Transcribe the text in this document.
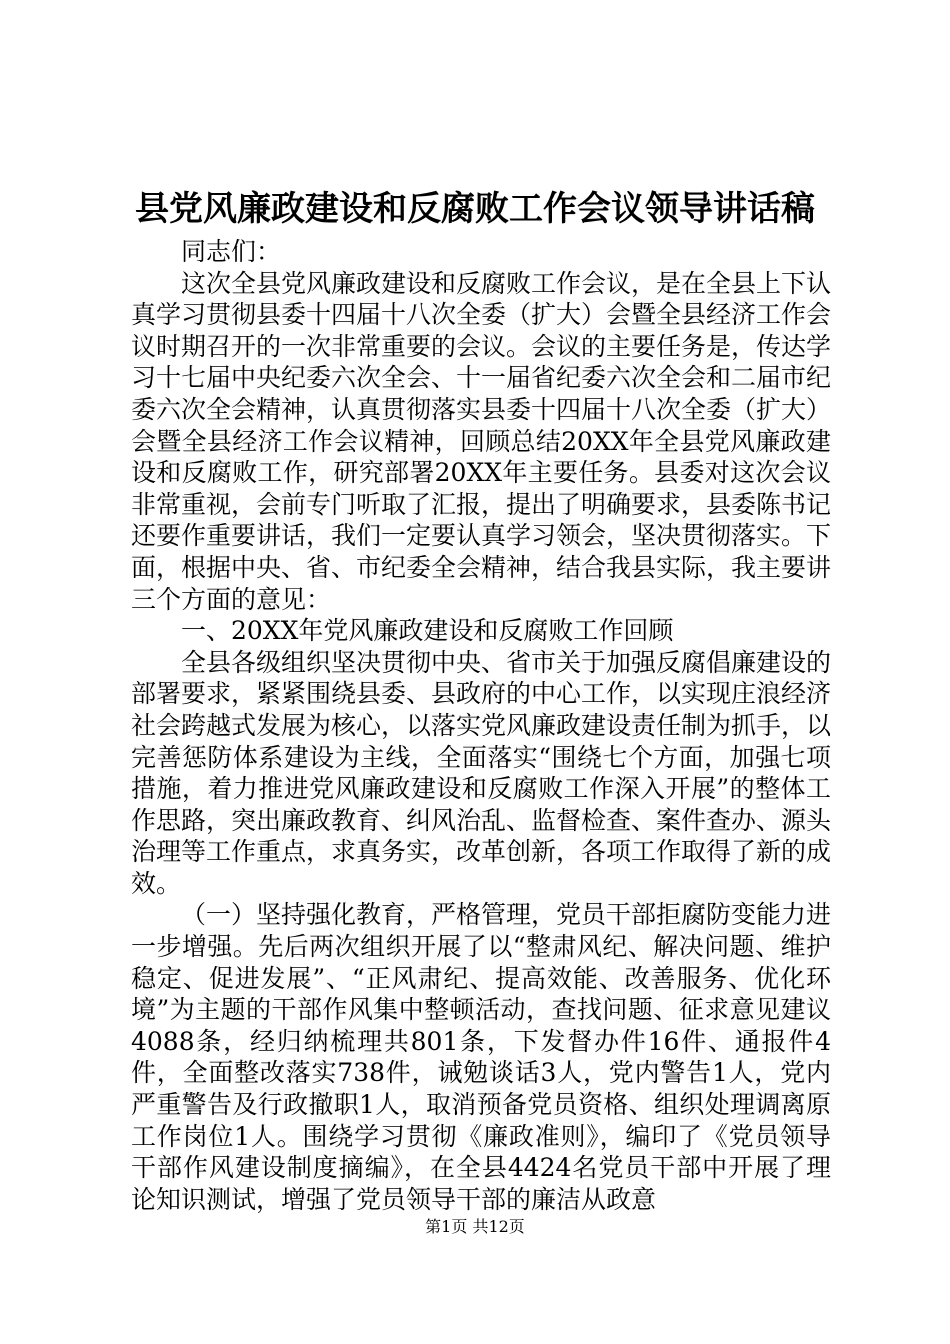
县党风廉政建设和反腐败工作会议领导讲话稿

同志们：

这次全县党风廉政建设和反腐败工作会议，是在全县上下认真学习贯彻县委十四届十八次全委（扩大）会暨全县经济工作会议时期召开的一次非常重要的会议。会议的主要任务是，传达学习十七届中央纪委六次全会、十一届省纪委六次全会和二届市纪委六次全会精神，认真贯彻落实县委十四届十八次全委（扩大）会暨全县经济工作会议精神，回顾总结20XX年全县党风廉政建设和反腐败工作，研究部署20XX年主要任务。县委对这次会议非常重视，会前专门听取了汇报，提出了明确要求，县委陈书记还要作重要讲话，我们一定要认真学习领会，坚决贯彻落实。下面，根据中央、省、市纪委全会精神，结合我县实际，我主要讲三个方面的意见：

一、20XX年党风廉政建设和反腐败工作回顾

全县各级组织坚决贯彻中央、省市关于加强反腐倡廉建设的部署要求，紧紧围绕县委、县政府的中心工作，以实现庄浪经济社会跨越式发展为核心，以落实党风廉政建设责任制为抓手，以完善惩防体系建设为主线，全面落实“围绕七个方面，加强七项措施，着力推进党风廉政建设和反腐败工作深入开展”的整体工作思路，突出廉政教育、纠风治乱、监督检查、案件查办、源头治理等工作重点，求真务实，改革创新，各项工作取得了新的成效。

（一）坚持强化教育，严格管理，党员干部拒腐防变能力进一步增强。先后两次组织开展了以“整肃风纪、解决问题、维护稳定、促进发展”、“正风肃纪、提高效能、改善服务、优化环境”为主题的干部作风集中整顿活动，查找问题、征求意见建议4088条，经归纳梳理共801条，下发督办件16件、通报件4件，全面整改落实738件，诫勉谈话3人，党内警告1人，党内严重警告及行政撤职1人，取消预备党员资格、组织处理调离原工作岗位1人。围绕学习贯彻《廉政准则》，编印了《党员领导干部作风建设制度摘编》，在全县4424名党员干部中开展了理论知识测试，增强了党员领导干部的廉洁从政意

第1页 共12页
